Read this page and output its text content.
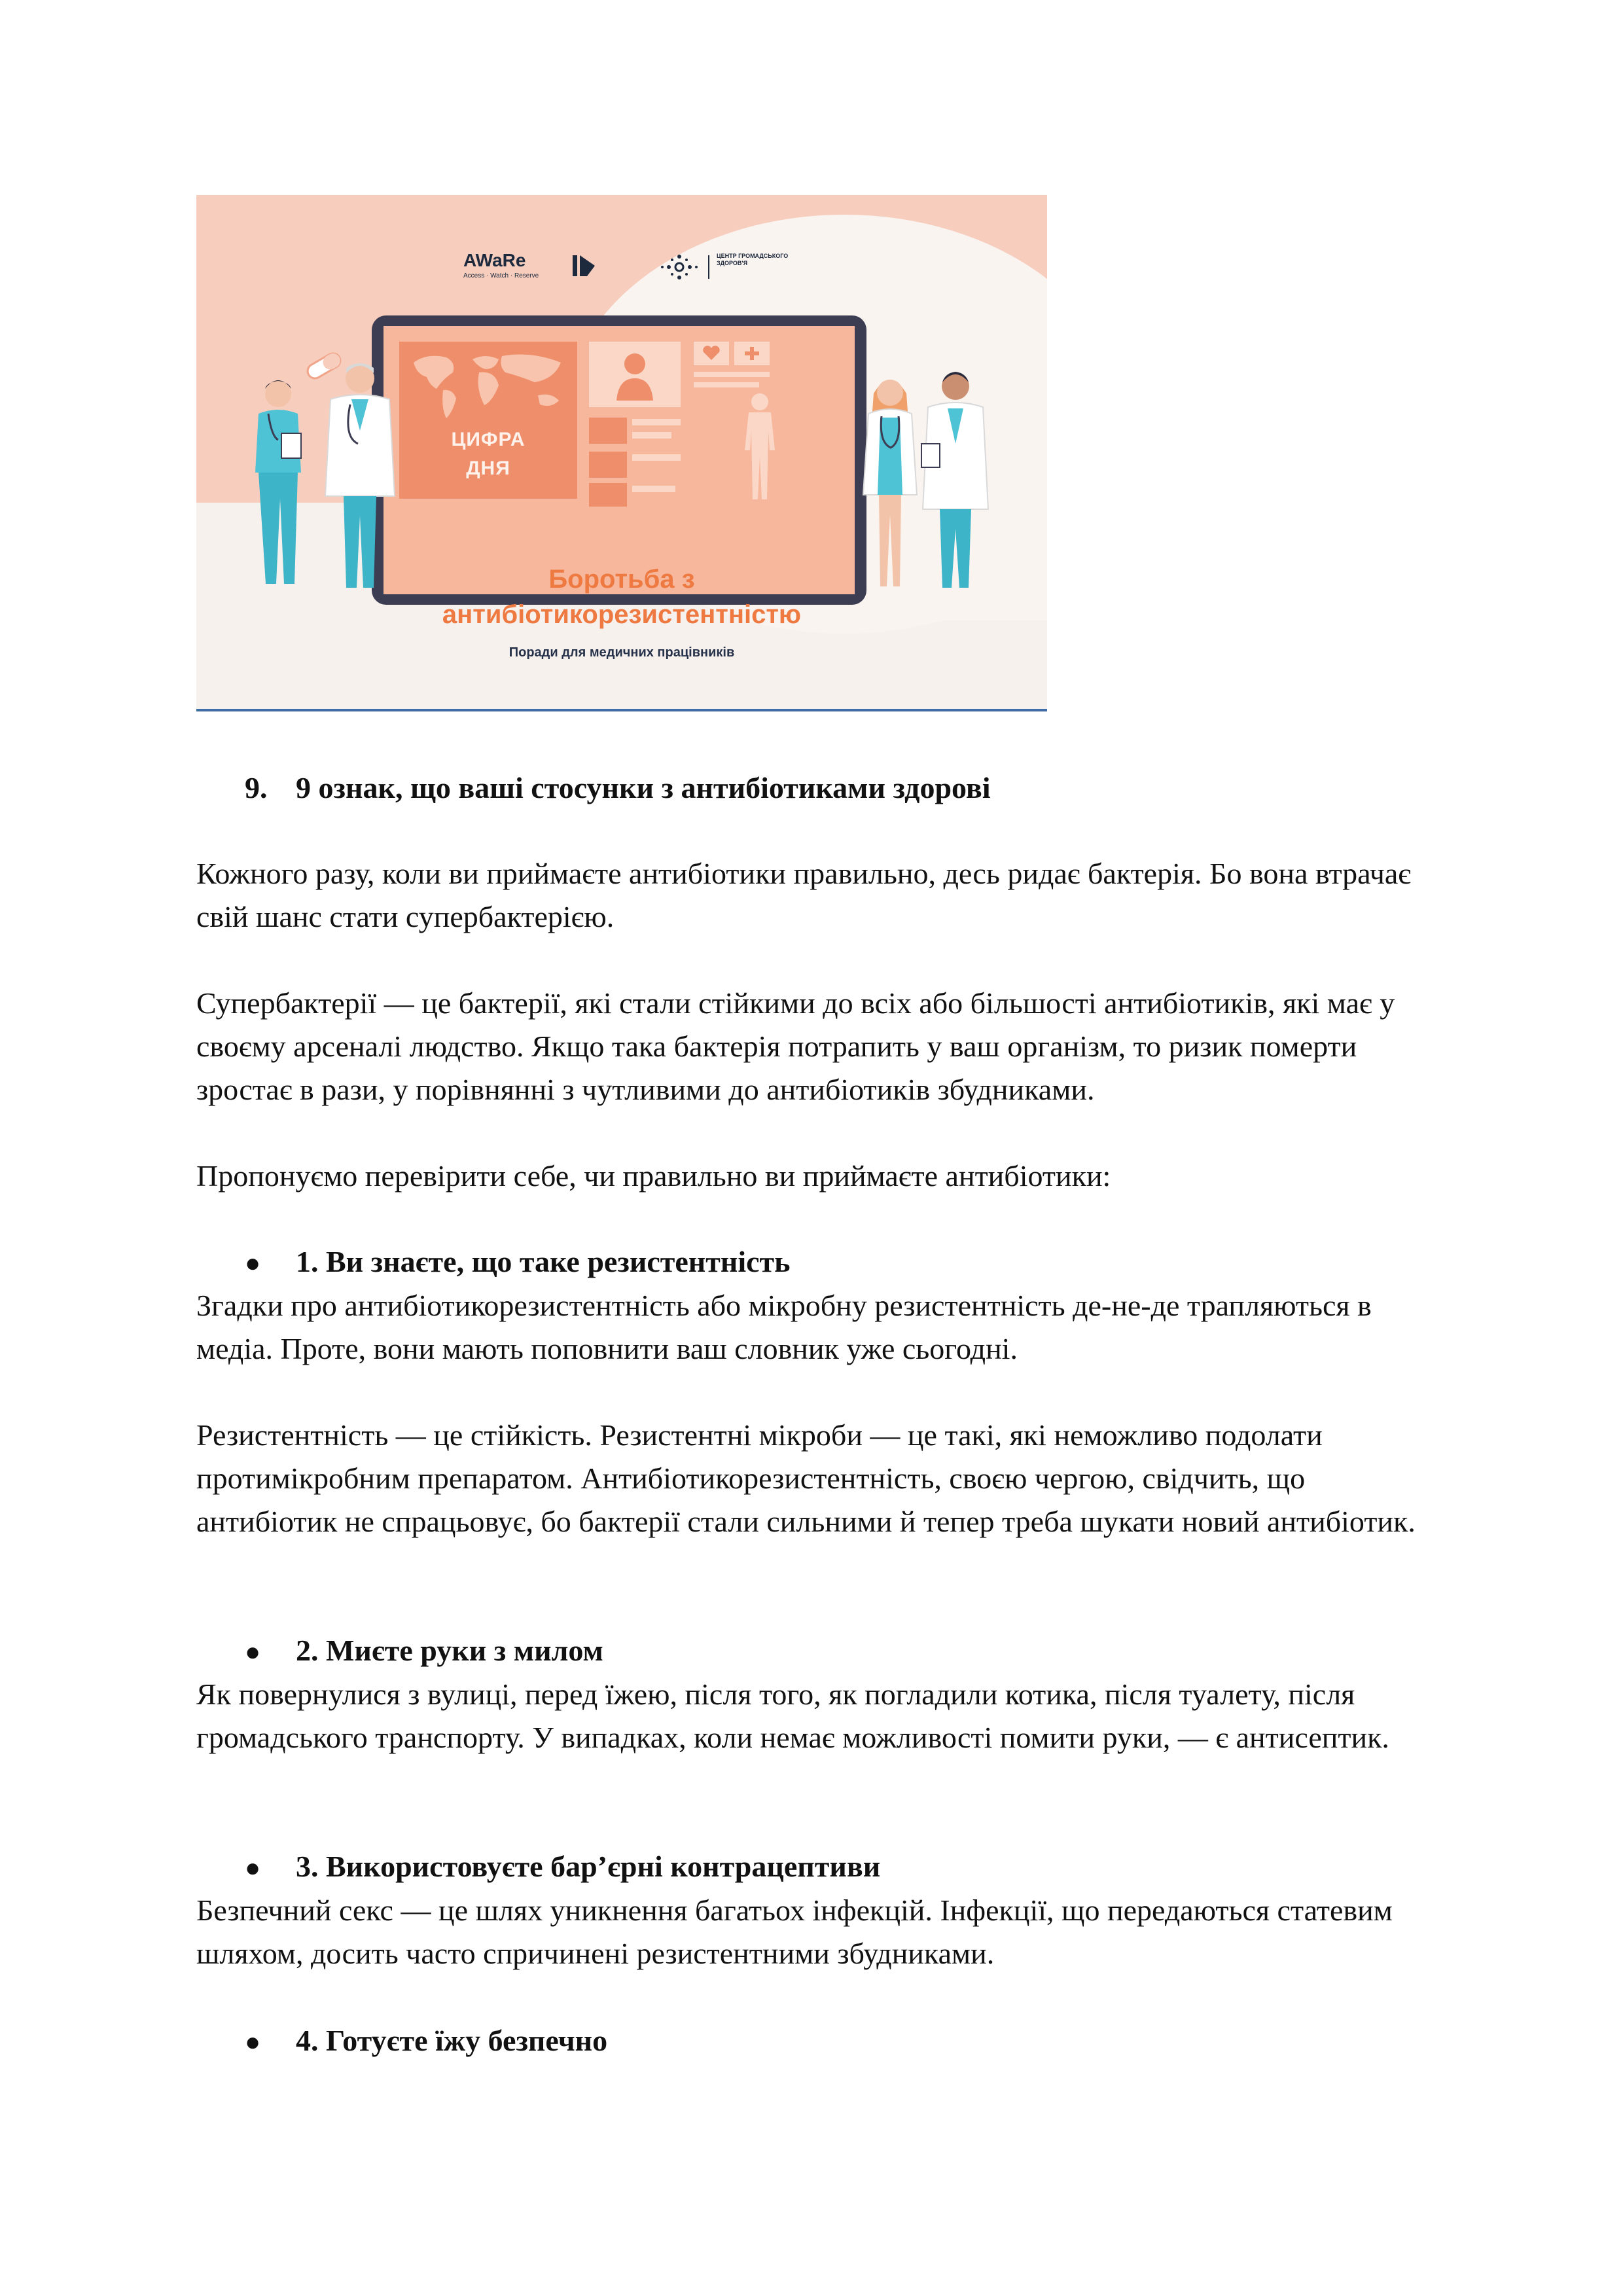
AWaRe
Access · Watch · Reserve
ЦЕНТР ГРОМАДСЬКОГО ЗДОРОВ'Я
ЦИФРА
ДНЯ
Боротьба з
антибіотикорезистентністю
Поради для медичних працівників
9. 9 ознак, що ваші стосунки з антибіотиками здорові

Кожного разу, коли ви приймаєте антибіотики правильно, десь ридає бактерія. Бо вона втрачає свій шанс стати супербактерією.

Супербактерії — це бактерії, які стали стійкими до всіх або більшості антибіотиків, які має у своєму арсеналі людство. Якщо така бактерія потрапить у ваш організм, то ризик померти зростає в рази, у порівнянні з чутливими до антибіотиків збудниками.

Пропонуємо перевірити себе, чи правильно ви приймаєте антибіотики:

● 1. Ви знаєте, що таке резистентність

Згадки про антибіотикорезистентність або мікробну резистентність де-не-де трапляються в медіа. Проте, вони мають поповнити ваш словник уже сьогодні.

Резистентність — це стійкість. Резистентні мікроби — це такі, які неможливо подолати протимікробним препаратом. Антибіотикорезистентність, своєю чергою, свідчить, що антибіотик не спрацьовує, бо бактерії стали сильними й тепер треба шукати новий антибіотик.

● 2. Миєте руки з милом

Як повернулися з вулиці, перед їжею, після того, як погладили котика, після туалету, після громадського транспорту. У випадках, коли немає можливості помити руки, — є антисептик.

● 3. Використовуєте бар’єрні контрацептиви

Безпечний секс — це шлях уникнення багатьох інфекцій. Інфекції, що передаються статевим шляхом, досить часто спричинені резистентними збудниками.

● 4. Готуєте їжу безпечно
